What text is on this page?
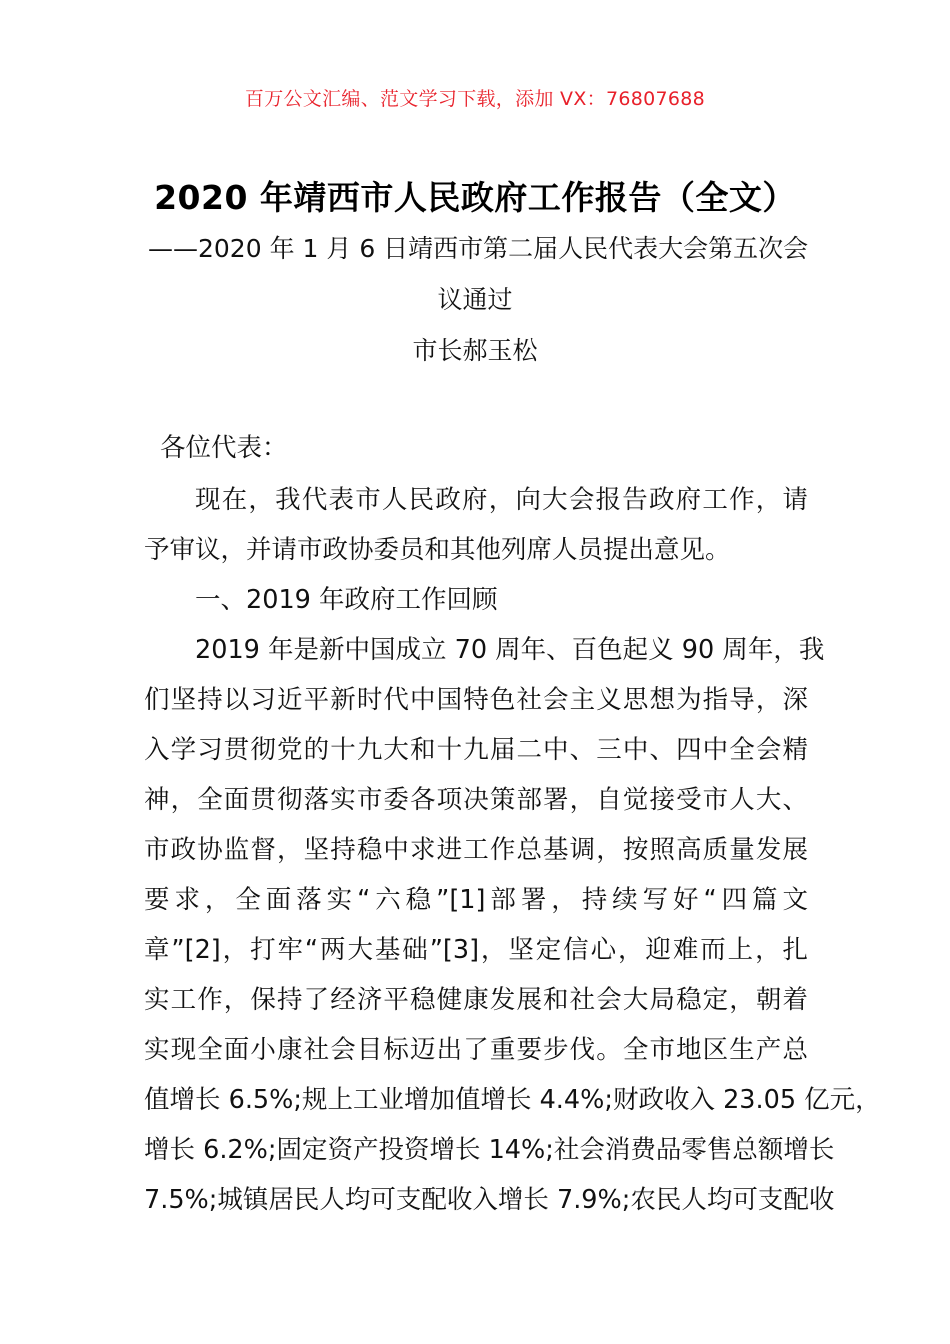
百万公文汇编、范文学习下载，添加 VX：76807688
2020 年靖西市人民政府工作报告（全文）
——2020 年 1 月 6 日靖西市第二届人民代表大会第五次会
议通过
市长郝玉松
各位代表：
现在，我代表市人民政府，向大会报告政府工作，请
予审议，并请市政协委员和其他列席人员提出意见。
一、2019 年政府工作回顾
2019 年是新中国成立 70 周年、百色起义 90 周年，我
们坚持以习近平新时代中国特色社会主义思想为指导，深
入学习贯彻党的十九大和十九届二中、三中、四中全会精
神，全面贯彻落实市委各项决策部署，自觉接受市人大、
市政协监督，坚持稳中求进工作总基调，按照高质量发展
要求，全面落实“六稳”[1]部署，持续写好“四篇文
章”[2]，打牢“两大基础”[3]，坚定信心，迎难而上，扎
实工作，保持了经济平稳健康发展和社会大局稳定，朝着
实现全面小康社会目标迈出了重要步伐。全市地区生产总
值增长 6.5%;规上工业增加值增长 4.4%;财政收入 23.05 亿元，
增长 6.2%;固定资产投资增长 14%;社会消费品零售总额增长
7.5%;城镇居民人均可支配收入增长 7.9%;农民人均可支配收
